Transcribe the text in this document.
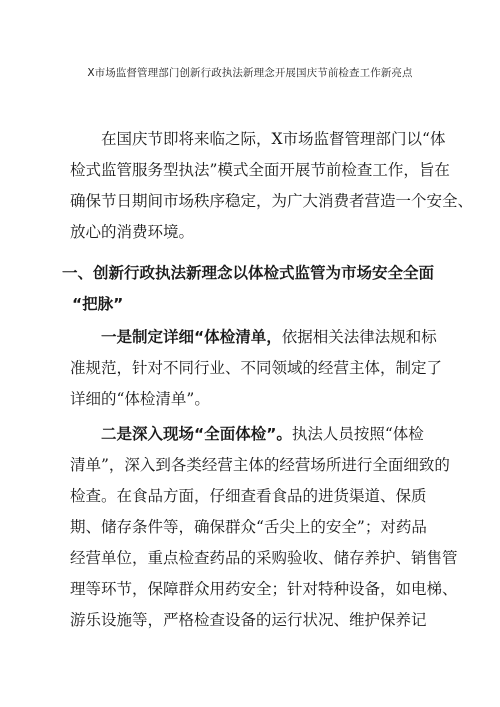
X市场监督管理部门创新行政执法新理念开展国庆节前检查工作新亮点
在国庆节即将来临之际，X市场监督管理部门以“体
检式监管服务型执法”模式全面开展节前检查工作，旨在
确保节日期间市场秩序稳定，为广大消费者营造一个安全、
放心的消费环境。
一、创新行政执法新理念以体检式监管为市场安全全面
“把脉”
一是制定详细“体检清单，依据相关法律法规和标
准规范，针对不同行业、不同领域的经营主体，制定了
详细的“体检清单”。
二是深入现场“全面体检”。执法人员按照“体检
清单”，深入到各类经营主体的经营场所进行全面细致的
检查。在食品方面，仔细查看食品的进货渠道、保质
期、储存条件等，确保群众“舌尖上的安全”；对药品
经营单位，重点检查药品的采购验收、储存养护、销售管
理等环节，保障群众用药安全；针对特种设备，如电梯、
游乐设施等，严格检查设备的运行状况、维护保养记
